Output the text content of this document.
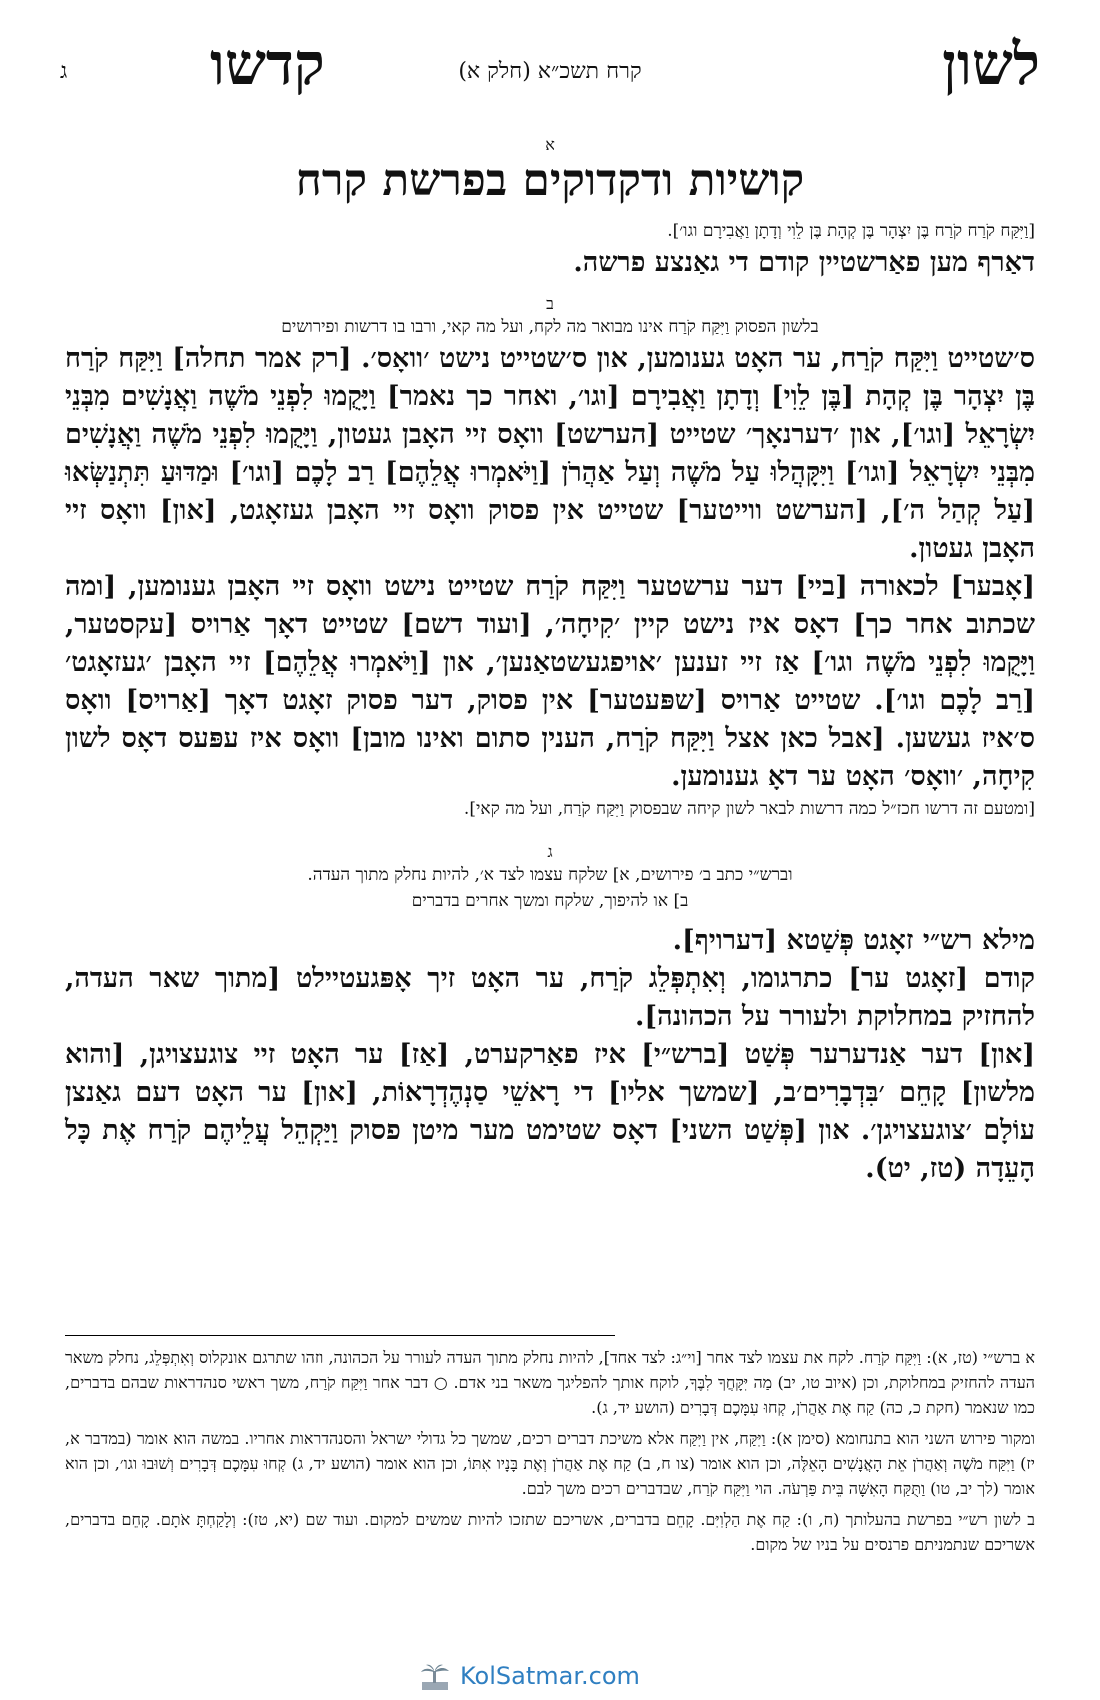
לשון
קרח תשכ״א (חלק א)
קדשו
ג
א
קושיות ודקדוקים בפרשת קרח

[וַיִּקַּח קֹרַח קֹרַח בֶּן יִצְהָר בֶּן קְהָת בֶּן לֵוִי וְדָתָן וַאֲבִירָם וגו׳].

דאַרף מען פאַרשטיין קודם די גאַנצע פרשה.

ב

בלשון הפסוק וַיִּקַּח קֹרַח אינו מבואר מה לקח, ועל מה קאי, ורבו בו דרשות ופירושים

ס׳שטייט וַיִּקַּח קֹרַח, ער האָט גענומען, און ס׳שטייט נישט ׳וואָס׳. [רק אמר תחלה] וַיִּקַּח קֹרַח בֶּן יִצְהָר בֶּן קְהָת [בֶּן לֵוִי] וְדָתָן וַאֲבִירָם [וגו׳, ואחר כך נאמר] וַיָּקֻמוּ לִפְנֵי מֹשֶׁה וַאֲנָשִׁים מִבְּנֵי יִשְׂרָאֵל [וגו׳], און ׳דערנאָך׳ שטייט [הערשט] וואָס זיי האָבן געטון, וַיָּקֻמוּ לִפְנֵי מֹשֶׁה וַאֲנָשִׁים מִבְּנֵי יִשְׂרָאֵל [וגו׳] וַיִּקָּהֲלוּ עַל מֹשֶׁה וְעַל אַהֲרֹן [וַיֹּאמְרוּ אֲלֵהֶם] רַב לָכֶם [וגו׳] וּמַדּוּעַ תִּתְנַשְּׂאוּ [עַל קְהַל ה׳], [הערשט ווייטער] שטייט אין פסוק וואָס זיי האָבן געזאָגט, [און] וואָס זיי האָבן געטון.

[אָבער] לכאורה [ביי] דער ערשטער וַיִּקַּח קֹרַח שטייט נישט וואָס זיי האָבן גענומען, [ומה שכתוב אחר כך] דאָס איז נישט קיין ׳קִיחָה׳, [ועוד דשם] שטייט דאָך אַרויס [עקסטער, וַיָּקֻמוּ לִפְנֵי מֹשֶׁה וגו׳] אַז זיי זענען ׳אויפגעשטאַנען׳, און [וַיֹּאמְרוּ אֲלֵהֶם] זיי האָבן ׳געזאָגט׳ [רַב לָכֶם וגו׳]. שטייט אַרויס [שפּעטער] אין פסוק, דער פסוק זאָגט דאָך [אַרויס] וואָס ס׳איז געשען. [אבל כאן אצל וַיִּקַּח קֹרַח, הענין סתום ואינו מובן] וואָס איז עפּעס דאָס לשון קִיחָה, ׳וואָס׳ האָט ער דאָ גענומען.

[ומטעם זה דרשו חכז״ל כמה דרשות לבאר לשון קיחה שבפסוק וַיִּקַּח קֹרַח, ועל מה קאי].

ג

וברש״י כתב ב׳ פירושים, א] שלקח עצמו לצד א׳, להיות נחלק מתוך העדה.

ב] או להיפוך, שלקח ומשך אחרים בדברים

מילא רש״י זאָגט פְּשַׁטא [דערויף].

קודם [זאָגט ער] כתרגומו, וְאִתְפְּלֵג קֹרַח, ער האָט זיך אָפּגעטיילט [מתוך שאר העדה, להחזיק במחלוקת ולעורר על הכהונה].

[און] דער אַנדערער פְּשַׁט [ברש״י] איז פאַרקערט, [אַז] ער האָט זיי צוגעצויגן, [והוא מלשון] קָחֵם ׳בִּדְבָרִים׳ב, [שמשך אליו] די רָאשֵׁי סַנְהֶדְרָאוֹת, [און] ער האָט דעם גאַנצן עוֹלָם ׳צוגעצויגן׳. און [פְּשַׁט השני] דאָס שטימט מער מיטן פסוק וַיַּקְהֵל עֲלֵיהֶם קֹרַח אֶת כָּל הָעֵדָה (טז, יט).

א ברש״י (טז, א): וַיִּקַּח קֹרַח. לקח את עצמו לצד אחר [וי״ג: לצד אחד], להיות נחלק מתוך העדה לעורר על הכהונה, וזהו שתרגם אונקלוס וְאִתְפְּלֵג, נחלק משאר העדה להחזיק במחלוקת, וכן (איוב טו, יב) מַה יִּקָּחֲךָ לִבֶּךָ, לוקח אותך להפליגך משאר בני אדם. ○ דבר אחר וַיִּקַּח קֹרַח, משך ראשי סנהדראות שבהם בדברים, כמו שנאמר (חקת כ, כה) קַח אֶת אַהֲרֹן, קְחוּ עִמָּכֶם דְּבָרִים (הושע יד, ג).

ומקור פירוש השני הוא בתנחומא (סימן א): וַיִּקַּח, אין וַיִּקַּח אלא משיכת דברים רכים, שמשך כל גדולי ישראל והסנהדראות אחריו. במשה הוא אומר (במדבר א, יז) וַיִּקַּח מֹשֶׁה וְאַהֲרֹן אֵת הָאֲנָשִׁים הָאֵלֶּה, וכן הוא אומר (צו ח, ב) קַח אֶת אַהֲרֹן וְאֶת בָּנָיו אִתּוֹ, וכן הוא אומר (הושע יד, ג) קְחוּ עִמָּכֶם דְּבָרִים וְשׁוּבוּ וגו׳, וכן הוא אומר (לך יב, טו) וַתֻּקַּח הָאִשָּׁה בֵּית פַּרְעֹה. הוי וַיִּקַּח קֹרַח, שבדברים רכים משך לבם.

ב לשון רש״י בפרשת בהעלותך (ח, ו): קַח אֶת הַלְוִיִּם. קָחֵם בדברים, אשריכם שתזכו להיות שמשים למקום. ועוד שם (יא, טז): וְלָקַחְתָּ אֹתָם. קָחֵם בדברים, אשריכם שנתמניתם פרנסים על בניו של מקום.

KolSatmar.com
